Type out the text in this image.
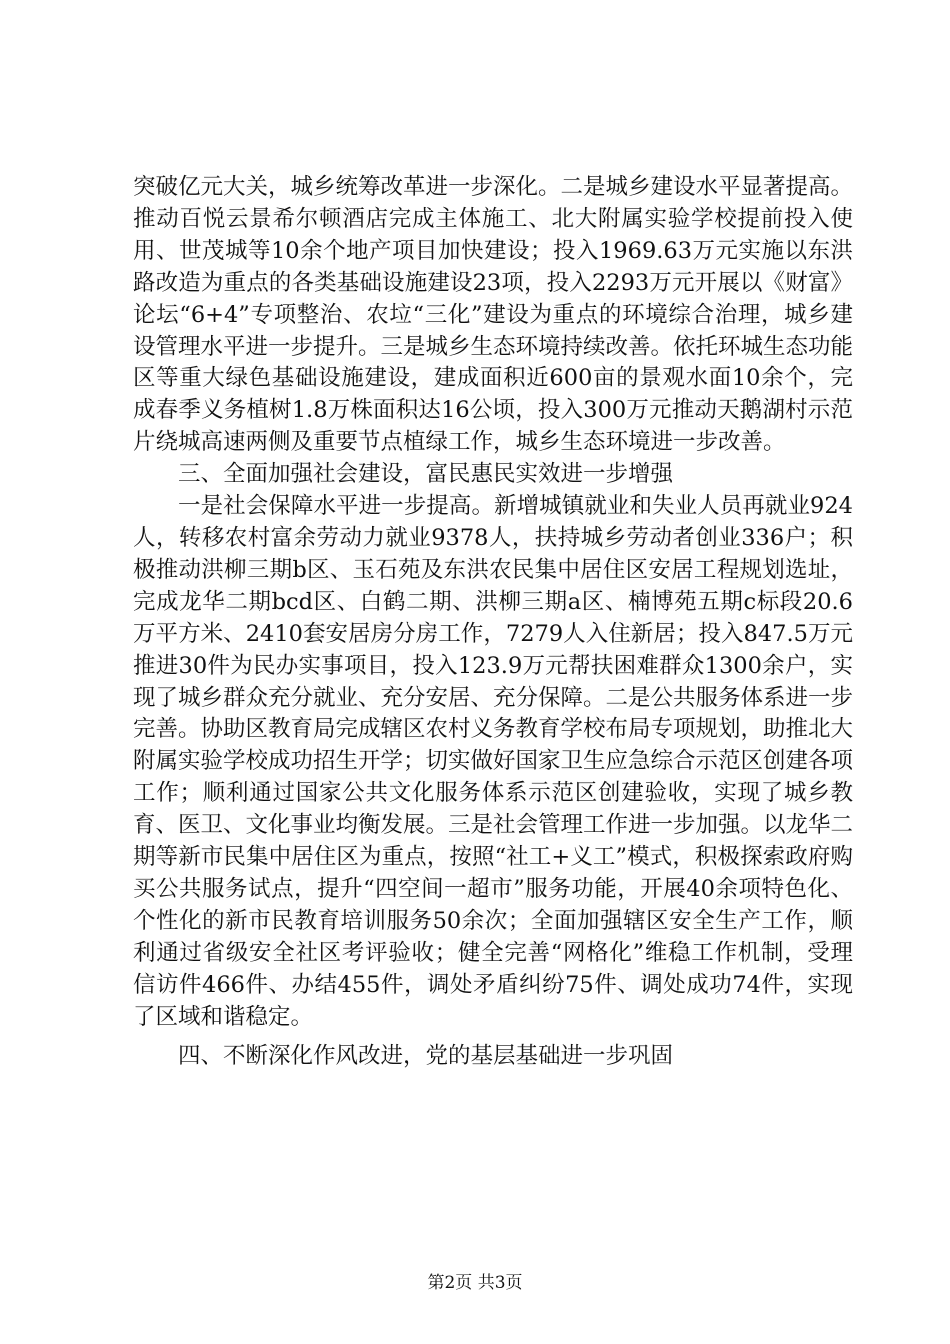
突破亿元大关，城乡统筹改革进一步深化。二是城乡建设水平显著提高。推动百悦云景希尔顿酒店完成主体施工、北大附属实验学校提前投入使用、世茂城等10余个地产项目加快建设；投入1969.63万元实施以东洪路改造为重点的各类基础设施建设23项，投入2293万元开展以《财富》论坛“6+4”专项整治、农垃“三化”建设为重点的环境综合治理，城乡建设管理水平进一步提升。三是城乡生态环境持续改善。依托环城生态功能区等重大绿色基础设施建设，建成面积近600亩的景观水面10余个，完成春季义务植树1.8万株面积达16公顷，投入300万元推动天鹅湖村示范片绕城高速两侧及重要节点植绿工作，城乡生态环境进一步改善。

三、全面加强社会建设，富民惠民实效进一步增强

一是社会保障水平进一步提高。新增城镇就业和失业人员再就业924人，转移农村富余劳动力就业9378人，扶持城乡劳动者创业336户；积极推动洪柳三期b区、玉石苑及东洪农民集中居住区安居工程规划选址，完成龙华二期bcd区、白鹤二期、洪柳三期a区、楠博苑五期c标段20.6万平方米、2410套安居房分房工作，7279人入住新居；投入847.5万元推进30件为民办实事项目，投入123.9万元帮扶困难群众1300余户，实现了城乡群众充分就业、充分安居、充分保障。二是公共服务体系进一步完善。协助区教育局完成辖区农村义务教育学校布局专项规划，助推北大附属实验学校成功招生开学；切实做好国家卫生应急综合示范区创建各项工作；顺利通过国家公共文化服务体系示范区创建验收，实现了城乡教育、医卫、文化事业均衡发展。三是社会管理工作进一步加强。以龙华二期等新市民集中居住区为重点，按照“社工+义工”模式，积极探索政府购买公共服务试点，提升“四空间一超市”服务功能，开展40余项特色化、个性化的新市民教育培训服务50余次；全面加强辖区安全生产工作，顺利通过省级安全社区考评验收；健全完善“网格化”维稳工作机制，受理信访件466件、办结455件，调处矛盾纠纷75件、调处成功74件，实现了区域和谐稳定。

四、不断深化作风改进，党的基层基础进一步巩固

第2页 共3页
